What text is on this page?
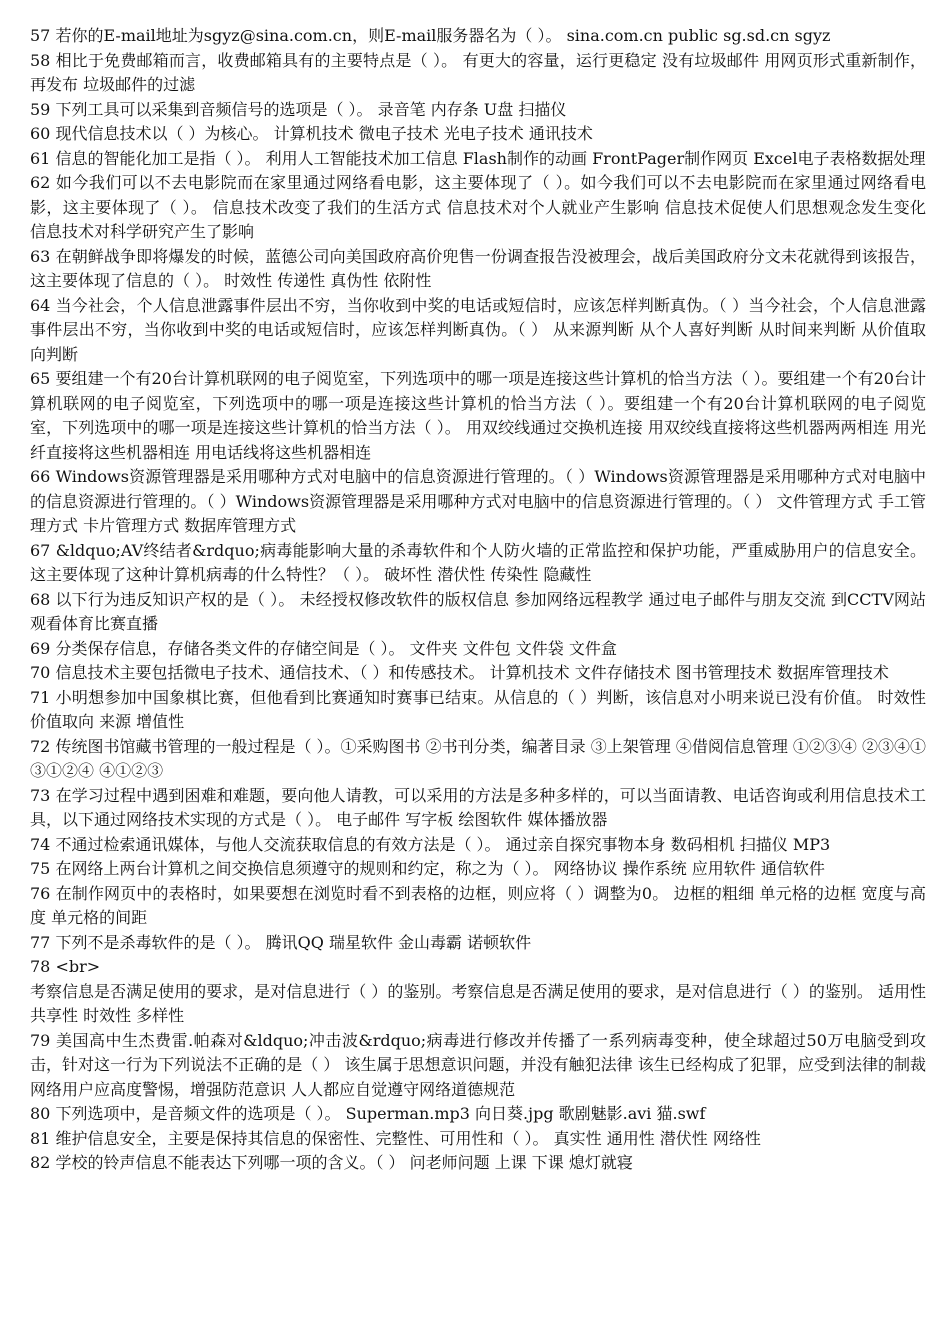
57 若你的E-mail地址为sgyz@sina.com.cn，则E-mail服务器名为（ ）。 sina.com.cn public sg.sd.cn sgyz

58 相比于免费邮箱而言，收费邮箱具有的主要特点是（ ）。 有更大的容量，运行更稳定 没有垃圾邮件 用网页形式重新制作，再发布 垃圾邮件的过滤

59 下列工具可以采集到音频信号的选项是（ ）。 录音笔 内存条 U盘 扫描仪

60 现代信息技术以（ ）为核心。 计算机技术 微电子技术 光电子技术 通讯技术

61 信息的智能化加工是指（ ）。 利用人工智能技术加工信息 Flash制作的动画 FrontPager制作网页 Excel电子表格数据处理

62 如今我们可以不去电影院而在家里通过网络看电影，这主要体现了（ ）。如今我们可以不去电影院而在家里通过网络看电影，这主要体现了（ ）。 信息技术改变了我们的生活方式 信息技术对个人就业产生影响 信息技术促使人们思想观念发生变化 信息技术对科学研究产生了影响

63 在朝鲜战争即将爆发的时候，蓝德公司向美国政府高价兜售一份调查报告没被理会，战后美国政府分文未花就得到该报告，这主要体现了信息的（ ）。 时效性 传递性 真伪性 依附性

64 当今社会，个人信息泄露事件层出不穷，当你收到中奖的电话或短信时，应该怎样判断真伪。（ ）当今社会，个人信息泄露事件层出不穷，当你收到中奖的电话或短信时，应该怎样判断真伪。（ ） 从来源判断 从个人喜好判断 从时间来判断 从价值取向判断

65 要组建一个有20台计算机联网的电子阅览室，下列选项中的哪一项是连接这些计算机的恰当方法（ ）。要组建一个有20台计算机联网的电子阅览室，下列选项中的哪一项是连接这些计算机的恰当方法（ ）。要组建一个有20台计算机联网的电子阅览室，下列选项中的哪一项是连接这些计算机的恰当方法（ ）。 用双绞线通过交换机连接 用双绞线直接将这些机器两两相连 用光纤直接将这些机器相连 用电话线将这些机器相连

66 Windows资源管理器是采用哪种方式对电脑中的信息资源进行管理的。（ ）Windows资源管理器是采用哪种方式对电脑中的信息资源进行管理的。（ ）Windows资源管理器是采用哪种方式对电脑中的信息资源进行管理的。（ ） 文件管理方式 手工管理方式 卡片管理方式 数据库管理方式

67 &ldquo;AV终结者&rdquo;病毒能影响大量的杀毒软件和个人防火墙的正常监控和保护功能，严重威胁用户的信息安全。这主要体现了这种计算机病毒的什么特性？（ ）。 破坏性 潜伏性 传染性 隐藏性

68 以下行为违反知识产权的是（ ）。 未经授权修改软件的版权信息 参加网络远程教学 通过电子邮件与朋友交流 到CCTV网站观看体育比赛直播

69 分类保存信息，存储各类文件的存储空间是（ ）。 文件夹 文件包 文件袋 文件盒

70 信息技术主要包括微电子技术、通信技术、（ ）和传感技术。 计算机技术 文件存储技术 图书管理技术 数据库管理技术

71 小明想参加中国象棋比赛，但他看到比赛通知时赛事已结束。从信息的（ ）判断，该信息对小明来说已没有价值。 时效性 价值取向 来源 增值性

72 传统图书馆藏书管理的一般过程是（ ）。①采购图书 ②书刊分类，编著目录 ③上架管理 ④借阅信息管理 ①②③④ ②③④① ③①②④ ④①②③

73 在学习过程中遇到困难和难题，要向他人请教，可以采用的方法是多种多样的，可以当面请教、电话咨询或利用信息技术工具，以下通过网络技术实现的方式是（ ）。 电子邮件 写字板 绘图软件 媒体播放器

74 不通过检索通讯媒体，与他人交流获取信息的有效方法是（ ）。 通过亲自探究事物本身 数码相机 扫描仪 MP3

75 在网络上两台计算机之间交换信息须遵守的规则和约定，称之为（ ）。 网络协议 操作系统 应用软件 通信软件

76 在制作网页中的表格时，如果要想在浏览时看不到表格的边框，则应将（ ）调整为0。 边框的粗细 单元格的边框 宽度与高度 单元格的间距

77 下列不是杀毒软件的是（ ）。 腾讯QQ 瑞星软件 金山毒霸 诺顿软件

78 <br>

考察信息是否满足使用的要求，是对信息进行（ ）的鉴别。考察信息是否满足使用的要求，是对信息进行（ ）的鉴别。 适用性 共享性 时效性 多样性

79 美国高中生杰费雷.帕森对&ldquo;冲击波&rdquo;病毒进行修改并传播了一系列病毒变种，使全球超过50万电脑受到攻击，针对这一行为下列说法不正确的是（ ） 该生属于思想意识问题，并没有触犯法律 该生已经构成了犯罪，应受到法律的制裁 网络用户应高度警惕，增强防范意识 人人都应自觉遵守网络道德规范

80 下列选项中，是音频文件的选项是（ ）。 Superman.mp3 向日葵.jpg 歌剧魅影.avi 猫.swf

81 维护信息安全，主要是保持其信息的保密性、完整性、可用性和（ ）。 真实性 通用性 潜伏性 网络性

82 学校的铃声信息不能表达下列哪一项的含义。（ ） 问老师问题 上课 下课 熄灯就寝
